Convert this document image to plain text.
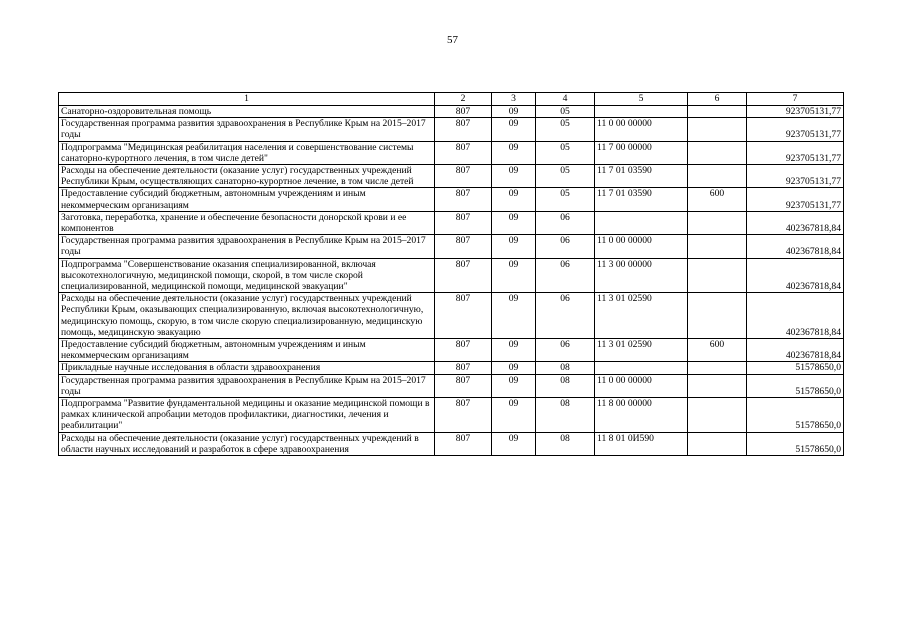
57
1	2	3	4	5	6	7
Санаторно-оздоровительная помощь	807	09	05			923705131,77
Государственная программа развития здравоохранения в Республике Крым на 2015–2017 годы	807	09	05	11 0 00 00000		923705131,77
Подпрограмма "Медицинская реабилитация населения и совершенствование системы санаторно-курортного лечения, в том числе детей"	807	09	05	11 7 00 00000		923705131,77
Расходы на обеспечение деятельности (оказание услуг) государственных учреждений Республики Крым, осуществляющих санаторно-курортное лечение, в том числе детей	807	09	05	11 7 01 03590		923705131,77
Предоставление субсидий бюджетным, автономным учреждениям и иным некоммерческим организациям	807	09	05	11 7 01 03590	600	923705131,77
Заготовка, переработка, хранение и обеспечение безопасности донорской крови и ее компонентов	807	09	06			402367818,84
Государственная программа развития здравоохранения в Республике Крым на 2015–2017 годы	807	09	06	11 0 00 00000		402367818,84
Подпрограмма "Совершенствование оказания специализированной, включая высокотехнологичную, медицинской помощи, скорой, в том числе скорой специализированной, медицинской помощи, медицинской эвакуации"	807	09	06	11 3 00 00000		402367818,84
Расходы на обеспечение деятельности (оказание услуг) государственных учреждений Республики Крым, оказывающих специализированную, включая высокотехнологичную, медицинскую помощь, скорую, в том числе скорую специализированную, медицинскую помощь, медицинскую эвакуацию	807	09	06	11 3 01 02590		402367818,84
Предоставление субсидий бюджетным, автономным учреждениям и иным некоммерческим организациям	807	09	06	11 3 01 02590	600	402367818,84
Прикладные научные исследования в области здравоохранения	807	09	08			51578650,0
Государственная программа развития здравоохранения в Республике Крым на 2015–2017 годы	807	09	08	11 0 00 00000		51578650,0
Подпрограмма "Развитие фундаментальной медицины и оказание медицинской помощи в рамках клинической апробации методов профилактики, диагностики, лечения и реабилитации"	807	09	08	11 8 00 00000		51578650,0
Расходы на обеспечение деятельности (оказание услуг) государственных учреждений в области научных исследований и разработок в сфере здравоохранения	807	09	08	11 8 01 0И590		51578650,0
